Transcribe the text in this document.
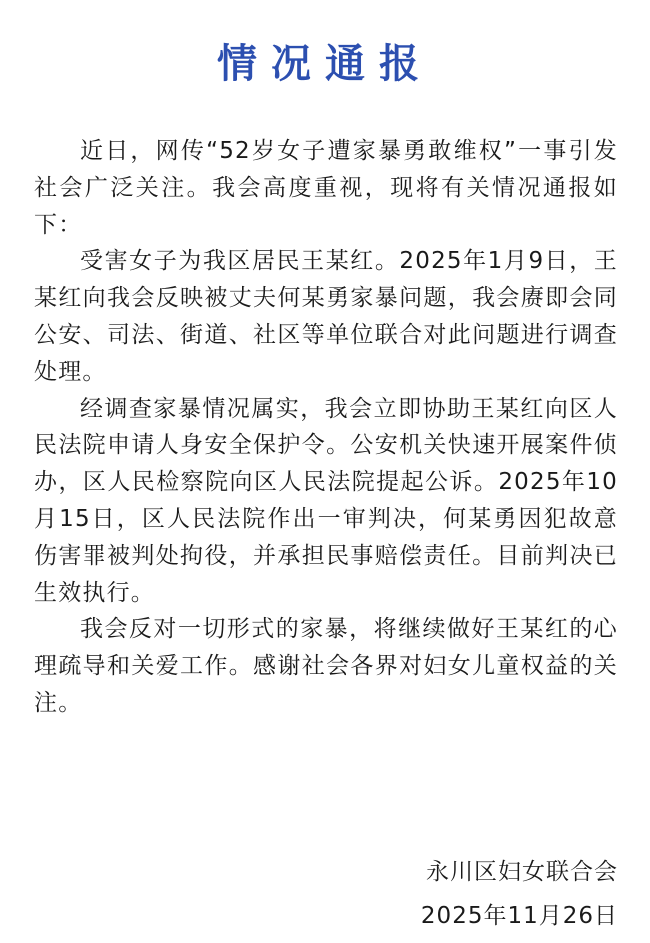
情况通报

近日，网传“52岁女子遭家暴勇敢维权”一事引发社会广泛关注。我会高度重视，现将有关情况通报如下：

受害女子为我区居民王某红。2025年1月9日，王某红向我会反映被丈夫何某勇家暴问题，我会赓即会同公安、司法、街道、社区等单位联合对此问题进行调查处理。

经调查家暴情况属实，我会立即协助王某红向区人民法院申请人身安全保护令。公安机关快速开展案件侦办，区人民检察院向区人民法院提起公诉。2025年10月15日，区人民法院作出一审判决，何某勇因犯故意伤害罪被判处拘役，并承担民事赔偿责任。目前判决已生效执行。

我会反对一切形式的家暴，将继续做好王某红的心理疏导和关爱工作。感谢社会各界对妇女儿童权益的关注。

永川区妇女联合会
2025年11月26日
